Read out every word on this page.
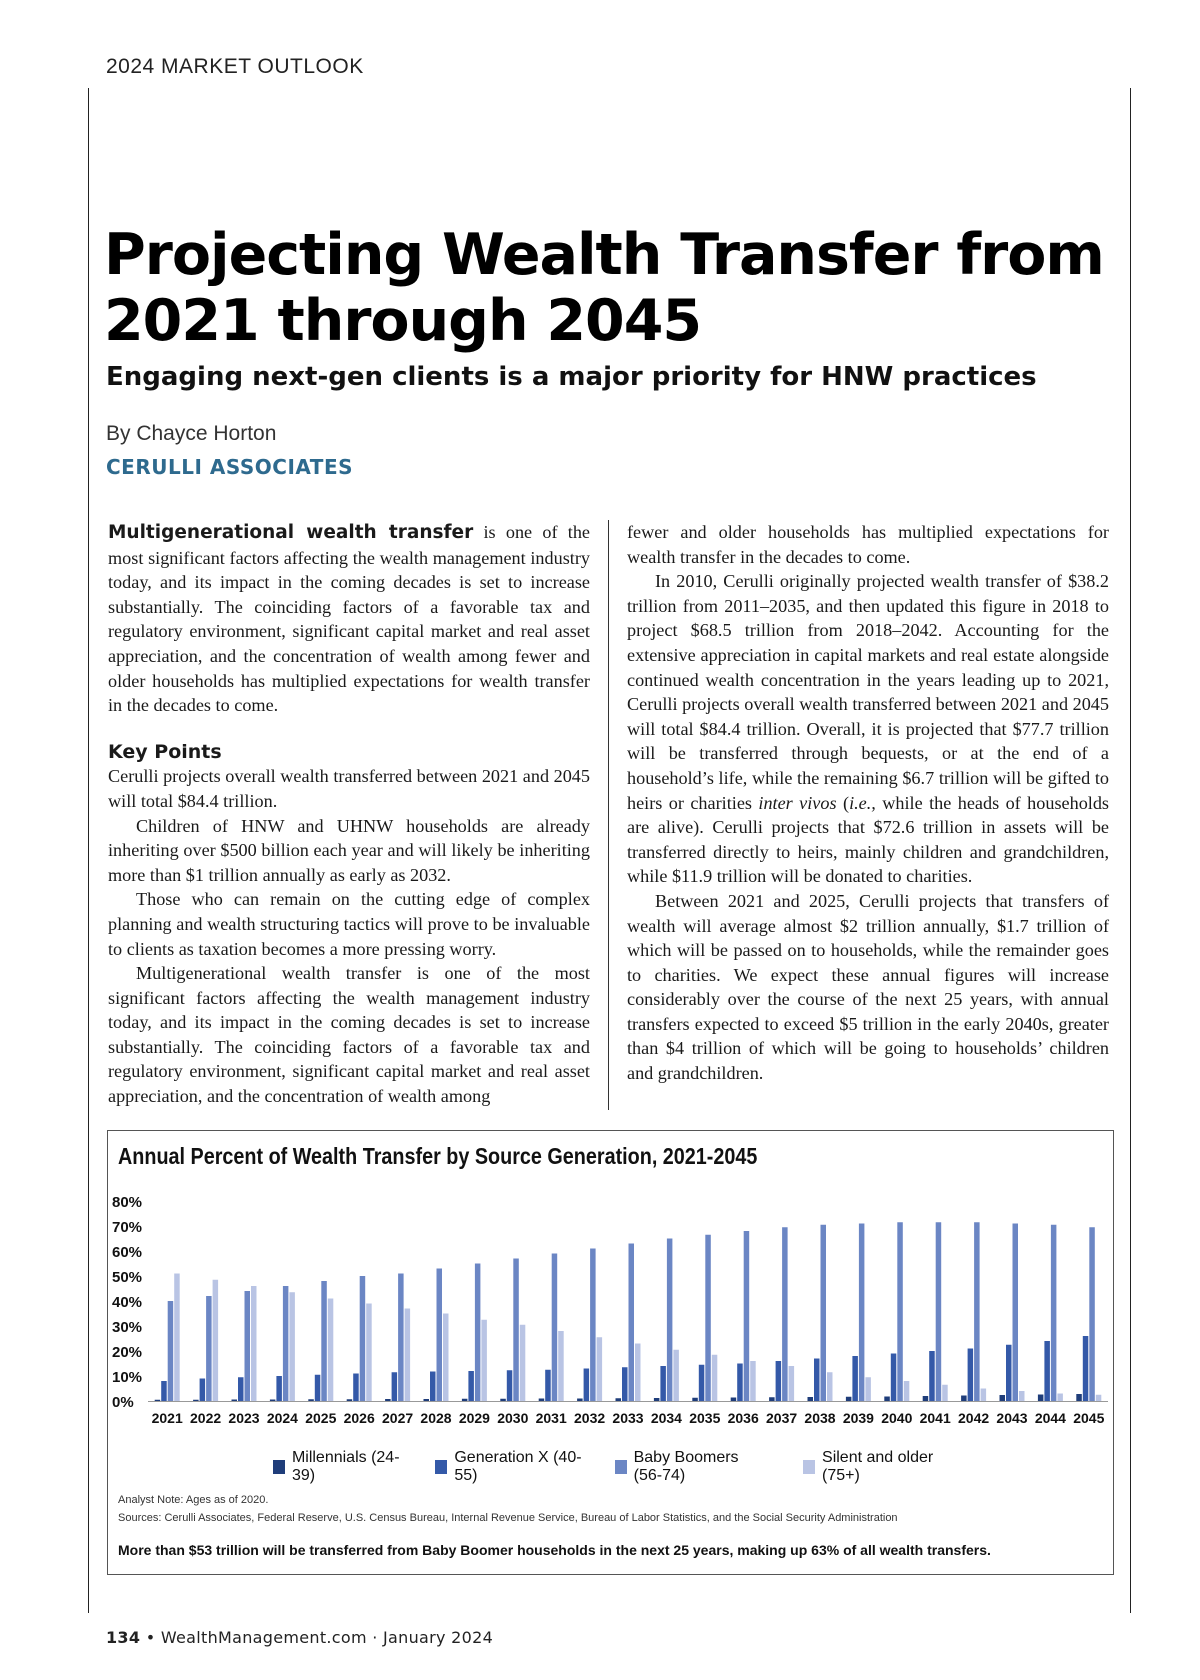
2024 MARKET OUTLOOK
Projecting Wealth Transfer from 2021 through 2045
Engaging next-gen clients is a major priority for HNW practices
By Chayce Horton
CERULLI ASSOCIATES

Multigenerational wealth transfer is one of the most significant factors affecting the wealth management industry today, and its impact in the coming decades is set to increase substantially. The coinciding factors of a favorable tax and regulatory environment, significant capital market and real asset appreciation, and the concentration of wealth among fewer and older households has multiplied expectations for wealth transfer in the decades to come.

Key Points

Cerulli projects overall wealth transferred between 2021 and 2045 will total $84.4 trillion.

Children of HNW and UHNW households are already inheriting over $500 billion each year and will likely be inheriting more than $1 trillion annually as early as 2032.

Those who can remain on the cutting edge of complex planning and wealth structuring tactics will prove to be invaluable to clients as taxation becomes a more pressing worry.

Multigenerational wealth transfer is one of the most significant factors affecting the wealth management industry today, and its impact in the coming decades is set to increase substantially. The coinciding factors of a favorable tax and regulatory environment, significant capital market and real asset appreciation, and the concentration of wealth among

fewer and older households has multiplied expectations for wealth transfer in the decades to come.

In 2010, Cerulli originally projected wealth transfer of $38.2 trillion from 2011–2035, and then updated this figure in 2018 to project $68.5 trillion from 2018–2042. Accounting for the extensive appreciation in capital markets and real estate alongside continued wealth concentration in the years leading up to 2021, Cerulli projects overall wealth transferred between 2021 and 2045 will total $84.4 trillion. Overall, it is projected that $77.7 trillion will be transferred through bequests, or at the end of a household’s life, while the remaining $6.7 trillion will be gifted to heirs or charities inter vivos (i.e., while the heads of households are alive). Cerulli projects that $72.6 trillion in assets will be transferred directly to heirs, mainly children and grandchildren, while $11.9 trillion will be donated to charities.

Between 2021 and 2025, Cerulli projects that transfers of wealth will average almost $2 trillion annually, $1.7 trillion of which will be passed on to households, while the remainder goes to charities. We expect these annual figures will increase considerably over the course of the next 25 years, with annual transfers expected to exceed $5 trillion in the early 2040s, greater than $4 trillion of which will be going to households’ children and grandchildren.

0%
10%
20%
30%
40%
50%
60%
70%
80%
2021 2022 2023 2024 2025 2026 2027 2028 2029 2030 2031 2032 2033 2034 2035 2036 2037 2038 2039 2040 2041 2042 2043 2044 2045
Annual Percent of Wealth Transfer by Source Generation, 2021-2045
Millennials (24-39)
Generation X (40-55)
Baby Boomers (56-74)
Silent and older (75+)
Analyst Note: Ages as of 2020.
Sources: Cerulli Associates, Federal Reserve, U.S. Census Bureau, Internal Revenue Service, Bureau of Labor Statistics, and the Social Security Administration
More than $53 trillion will be transferred from Baby Boomer households in the next 25 years, making up 63% of all wealth transfers.
134 • WealthManagement.com · January 2024
